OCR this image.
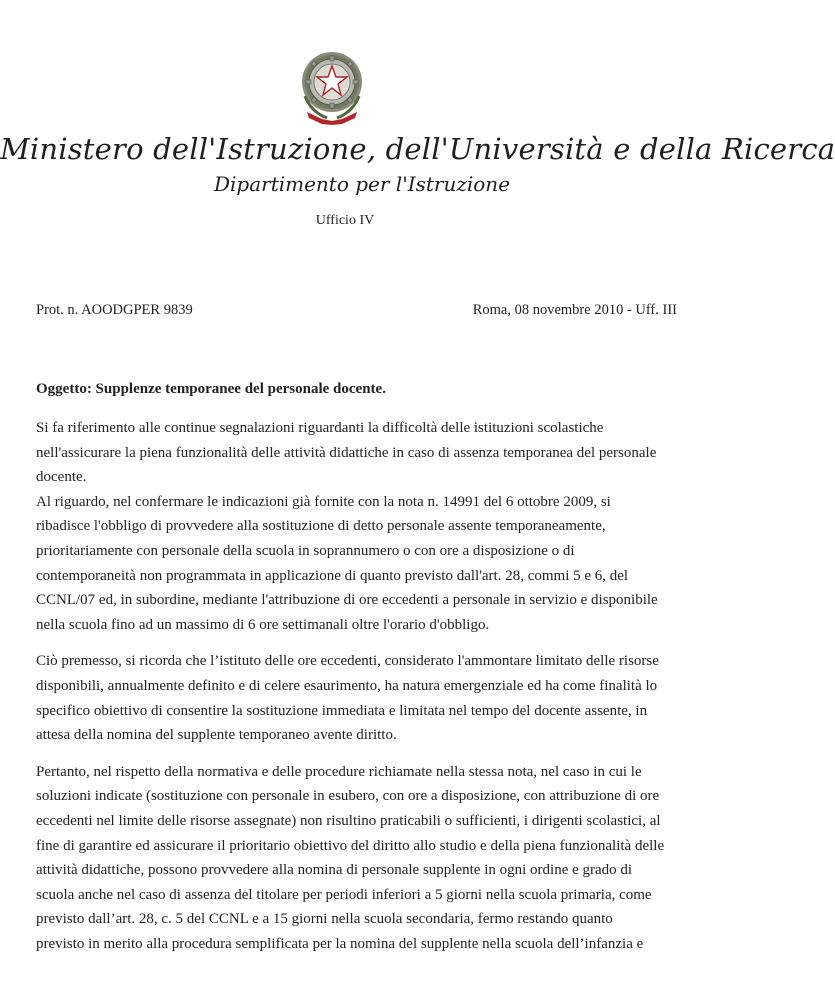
Ministero dell'Istruzione, dell'Università e della Ricerca
Dipartimento per l'Istruzione
Ufficio IV
Prot. n. AOODGPER 9839	Roma, 08 novembre 2010 - Uff. III
Oggetto: Supplenze temporanee del personale docente.

Si fa riferimento alle continue segnalazioni riguardanti la difficoltà delle istituzioni scolastiche
nell'assicurare la piena funzionalità delle attività didattiche in caso di assenza temporanea del personale
docente.
Al riguardo, nel confermare le indicazioni già fornite con la nota n. 14991 del 6 ottobre 2009, si
ribadisce l'obbligo di provvedere alla sostituzione di detto personale assente temporaneamente,
prioritariamente con personale della scuola in soprannumero o con ore a disposizione o di
contemporaneità non programmata in applicazione di quanto previsto dall'art. 28, commi 5 e 6, del
CCNL/07 ed, in subordine, mediante l'attribuzione di ore eccedenti a personale in servizio e disponibile
nella scuola fino ad un massimo di 6 ore settimanali oltre l'orario d'obbligo.

Ciò premesso, si ricorda che l’istituto delle ore eccedenti, considerato l'ammontare limitato delle risorse
disponibili, annualmente definito e di celere esaurimento, ha natura emergenziale ed ha come finalità lo
specifico obiettivo di consentire la sostituzione immediata e limitata nel tempo del docente assente, in
attesa della nomina del supplente temporaneo avente diritto.

Pertanto, nel rispetto della normativa e delle procedure richiamate nella stessa nota, nel caso in cui le
soluzioni indicate (sostituzione con personale in esubero, con ore a disposizione, con attribuzione di ore
eccedenti nel limite delle risorse assegnate) non risultino praticabili o sufficienti, i dirigenti scolastici, al
fine di garantire ed assicurare il prioritario obiettivo del diritto allo studio e della piena funzionalità delle
attività didattiche, possono provvedere alla nomina di personale supplente in ogni ordine e grado di
scuola anche nel caso di assenza del titolare per periodi inferiori a 5 giorni nella scuola primaria, come
previsto dall’art. 28, c. 5 del CCNL e a 15 giorni nella scuola secondaria, fermo restando quanto
previsto in merito alla procedura semplificata per la nomina del supplente nella scuola dell’infanzia e
